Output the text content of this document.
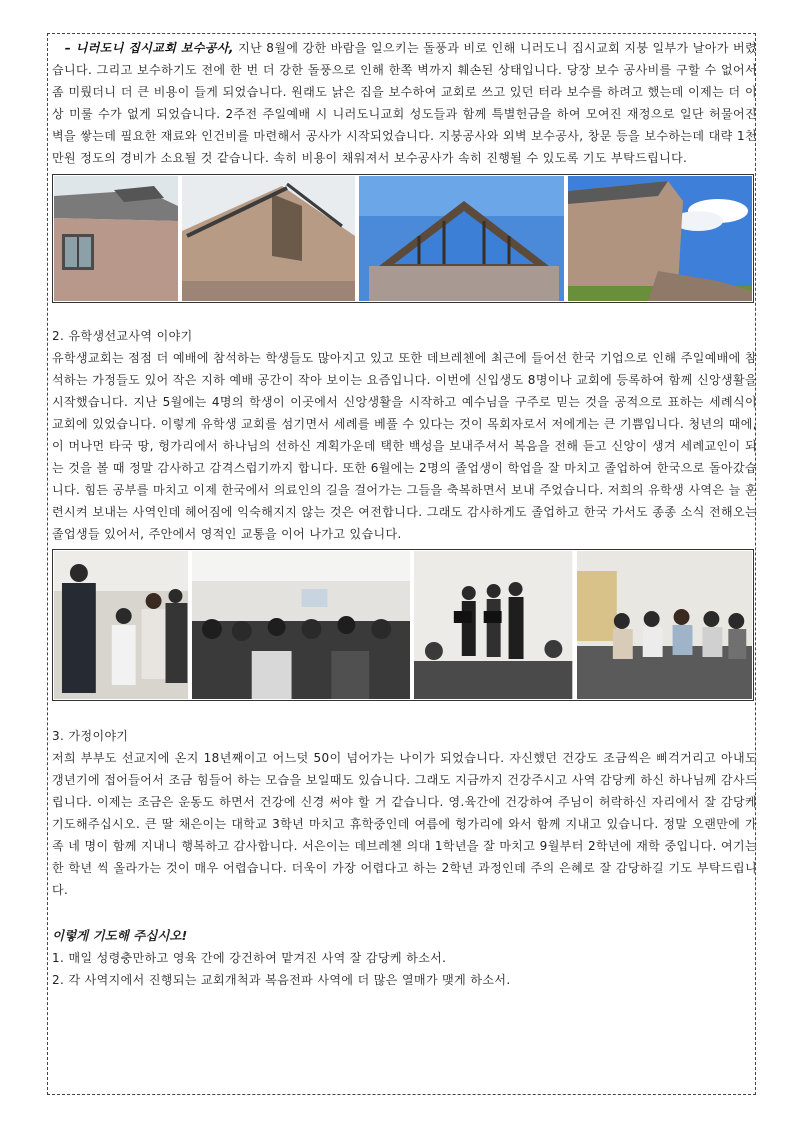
– 니러도니 집시교회 보수공사, 지난 8월에 강한 바람을 일으키는 돌풍과 비로 인해 니러도니 집시교회 지붕 일부가 날아가 버렸습니다. 그리고 보수하기도 전에 한 번 더 강한 돌풍으로 인해 한쪽 벽까지 훼손된 상태입니다. 당장 보수 공사비를 구할 수 없어서 좀 미뤘더니 더 큰 비용이 들게 되었습니다. 원래도 낡은 집을 보수하여 교회로 쓰고 있던 터라 보수를 하려고 했는데 이제는 더 이상 미룰 수가 없게 되었습니다. 2주전 주일예배 시 니러도니교회 성도들과 함께 특별헌금을 하여 모여진 재정으로 일단 허물어진 벽을 쌓는데 필요한 재료와 인건비를 마련해서 공사가 시작되었습니다. 지붕공사와 외벽 보수공사, 창문 등을 보수하는데 대략 1천만원 정도의 경비가 소요될 것 같습니다. 속히 비용이 채워져서 보수공사가 속히 진행될 수 있도록 기도 부탁드립니다.

2. 유학생선교사역 이야기

유학생교회는 점점 더 예배에 참석하는 학생들도 많아지고 있고 또한 데브레첸에 최근에 들어선 한국 기업으로 인해 주일예배에 참석하는 가정들도 있어 작은 지하 예배 공간이 작아 보이는 요즘입니다. 이번에 신입생도 8명이나 교회에 등록하여 함께 신앙생활을 시작했습니다. 지난 5월에는 4명의 학생이 이곳에서 신앙생활을 시작하고 예수님을 구주로 믿는 것을 공적으로 표하는 세례식이 교회에 있었습니다. 이렇게 유학생 교회를 섬기면서 세례를 베풀 수 있다는 것이 목회자로서 저에게는 큰 기쁨입니다. 청년의 때에, 이 머나먼 타국 땅, 헝가리에서 하나님의 선하신 계획가운데 택한 백성을 보내주셔서 복음을 전해 듣고 신앙이 생겨 세례교인이 되는 것을 볼 때 정말 감사하고 감격스럽기까지 합니다. 또한 6월에는 2명의 졸업생이 학업을 잘 마치고 졸업하여 한국으로 돌아갔습니다. 힘든 공부를 마치고 이제 한국에서 의료인의 길을 걸어가는 그들을 축복하면서 보내 주었습니다. 저희의 유학생 사역은 늘 훈련시켜 보내는 사역인데 헤어짐에 익숙해지지 않는 것은 여전합니다. 그래도 감사하게도 졸업하고 한국 가서도 종종 소식 전해오는 졸업생들 있어서, 주안에서 영적인 교통을 이어 나가고 있습니다.

3. 가정이야기

저희 부부도 선교지에 온지 18년째이고 어느덧 50이 넘어가는 나이가 되었습니다. 자신했던 건강도 조금씩은 삐걱거리고 아내도 갱년기에 접어들어서 조금 힘들어 하는 모습을 보일때도 있습니다. 그래도 지금까지 건강주시고 사역 감당케 하신 하나님께 감사드립니다. 이제는 조금은 운동도 하면서 건강에 신경 써야 할 거 같습니다. 영.육간에 건강하여 주님이 허락하신 자리에서 잘 감당케 기도해주십시오. 큰 딸 채은이는 대학교 3학년 마치고 휴학중인데 여름에 헝가리에 와서 함께 지내고 있습니다. 정말 오랜만에 가족 네 명이 함께 지내니 행복하고 감사합니다. 서은이는 데브레첸 의대 1학년을 잘 마치고 9월부터 2학년에 재학 중입니다. 여기는 한 학년 씩 올라가는 것이 매우 어렵습니다. 더욱이 가장 어렵다고 하는 2학년 과정인데 주의 은혜로 잘 감당하길 기도 부탁드립니다.

이렇게 기도해 주십시오!

1. 매일 성령충만하고 영육 간에 강건하여 맡겨진 사역 잘 감당케 하소서.

2. 각 사역지에서 진행되는 교회개척과 복음전파 사역에 더 많은 열매가 맺게 하소서.
